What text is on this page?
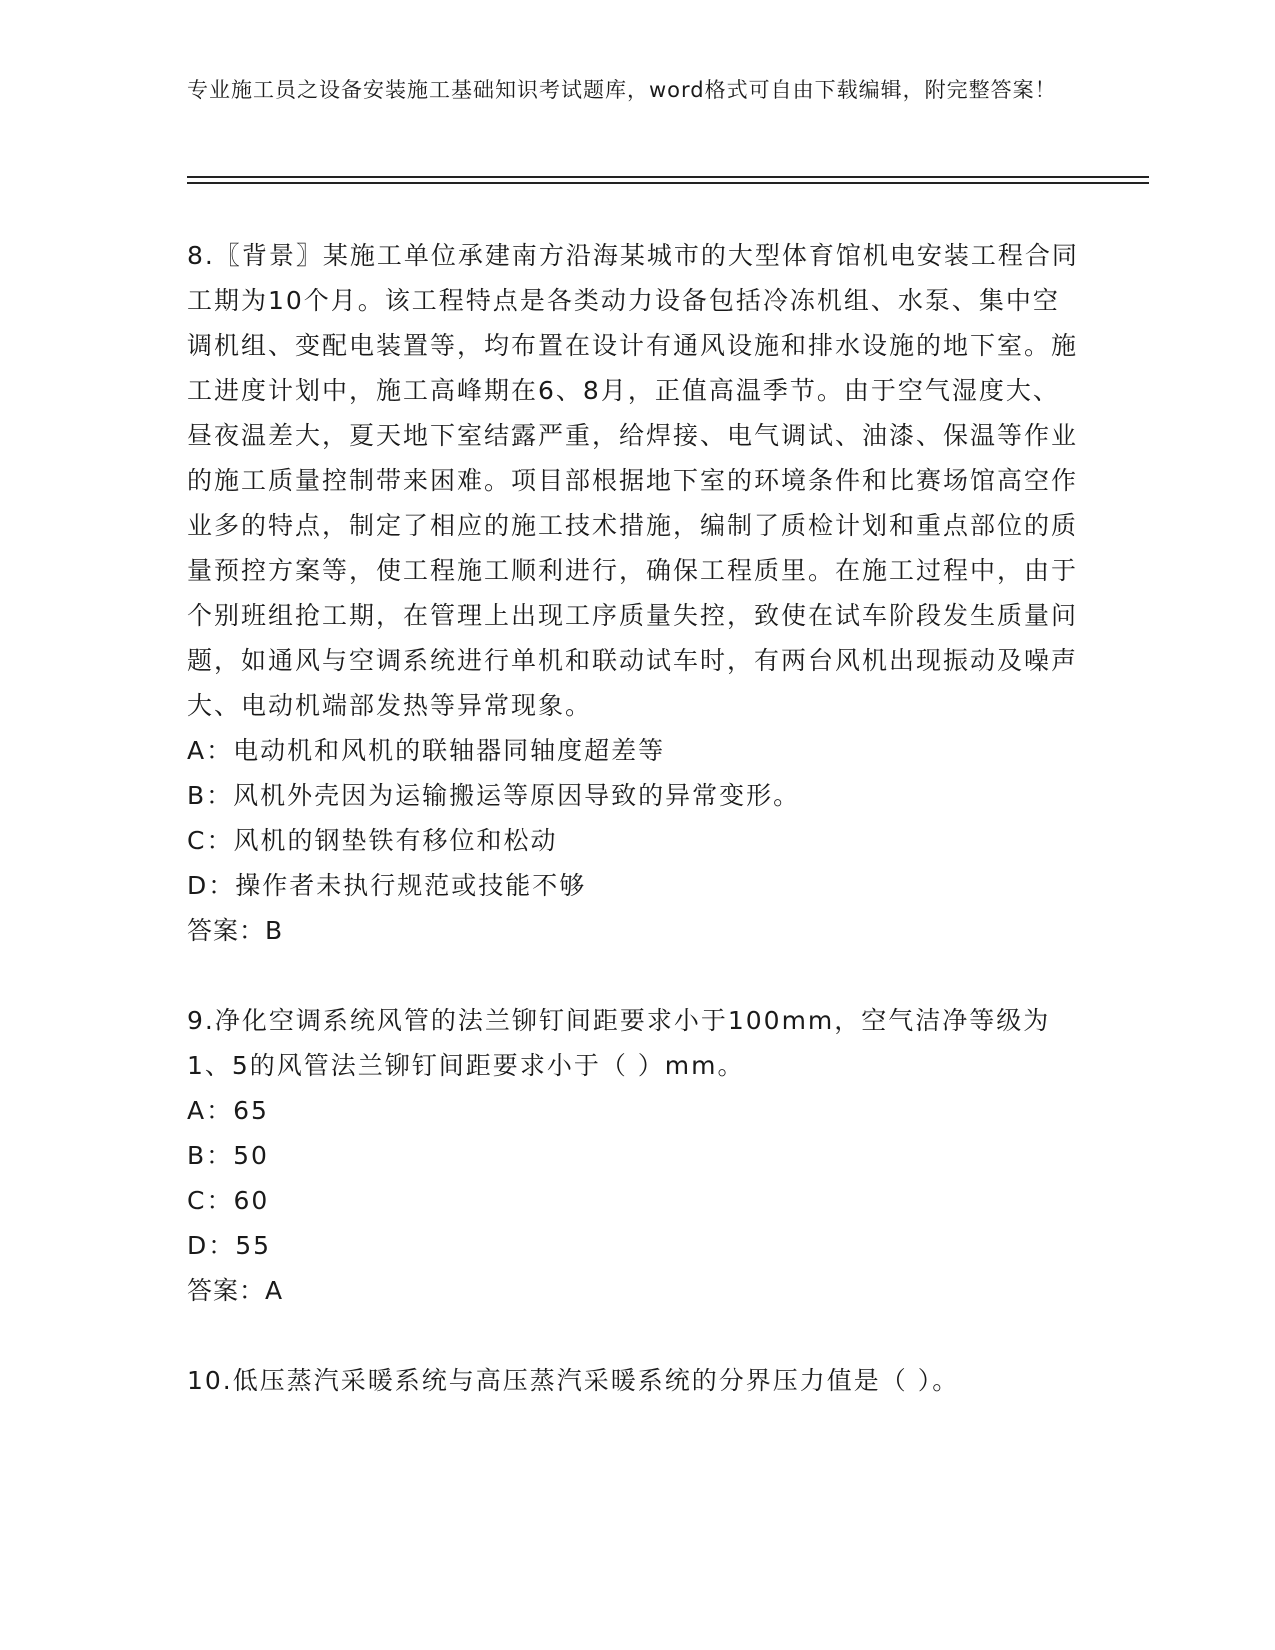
专业施工员之设备安装施工基础知识考试题库，word格式可自由下载编辑，附完整答案！

8.〖背景〗某施工单位承建南方沿海某城市的大型体育馆机电安装工程合同工期为10个月。该工程特点是各类动力设备包括冷冻机组、水泵、集中空调机组、变配电装置等，均布置在设计有通风设施和排水设施的地下室。施工进度计划中，施工高峰期在6、8月，正值高温季节。由于空气湿度大、昼夜温差大，夏天地下室结露严重，给焊接、电气调试、油漆、保温等作业的施工质量控制带来困难。项目部根据地下室的环境条件和比赛场馆高空作业多的特点，制定了相应的施工技术措施，编制了质检计划和重点部位的质量预控方案等，使工程施工顺利进行，确保工程质里。在施工过程中，由于个别班组抢工期，在管理上出现工序质量失控，致使在试车阶段发生质量问题，如通风与空调系统进行单机和联动试车时，有两台风机出现振动及噪声大、电动机端部发热等异常现象。

A：电动机和风机的联轴器同轴度超差等

B：风机外壳因为运输搬运等原因导致的异常变形。

C：风机的钢垫铁有移位和松动

D：操作者未执行规范或技能不够

答案：B

9.净化空调系统风管的法兰铆钉间距要求小于100mm，空气洁净等级为1、5的风管法兰铆钉间距要求小于（ ）mm。

A：65

B：50

C：60

D：55

答案：A

10.低压蒸汽采暖系统与高压蒸汽采暖系统的分界压力值是（ ）。
